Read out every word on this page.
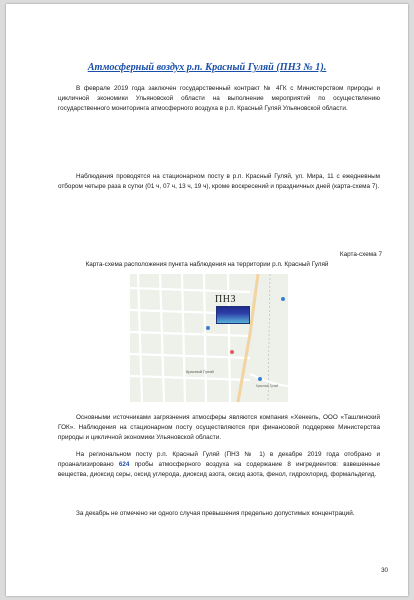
Атмосферный воздух р.п. Красный Гуляй (ПНЗ № 1).

В феврале 2019 года заключен государственный контракт № 4ГК с Министерством природы и цикличной экономики Ульяновской области на выполнение мероприятий по осуществлению государственного мониторинга атмосферного воздуха в р.п. Красный Гуляй Ульяновской области.

Наблюдения проводятся на стационарном посту в р.п. Красный Гуляй, ул. Мира, 11 с ежедневным отбором четыре раза в сутки (01 ч, 07 ч, 13 ч, 19 ч), кроме воскресений и праздничных дней (карта-схема 7).

Карта-схема 7
Карта-схема расположения пункта наблюдения на территории р.п. Красный Гуляй
ПНЗ
Красный Гуляй
Красный Гуляй

Основными источниками загрязнения атмосферы являются компания «Хенкель, ООО «Ташлинский ГОК». Наблюдения на стационарном посту осуществляются при финансовой поддержке Министерства природы и цикличной экономики Ульяновской области.

На региональном посту р.п. Красный Гуляй (ПНЗ № 1) в декабре 2019 года отобрано и проанализировано 624 пробы атмосферного воздуха на содержание 8 ингредиентов: взвешенные вещества, диоксид серы, оксид углерода, диоксид азота, оксид азота, фенол, гидрохлорид, формальдегид.

За декабрь не отмечено ни одного случая превышения предельно допустимых концентраций.

30
